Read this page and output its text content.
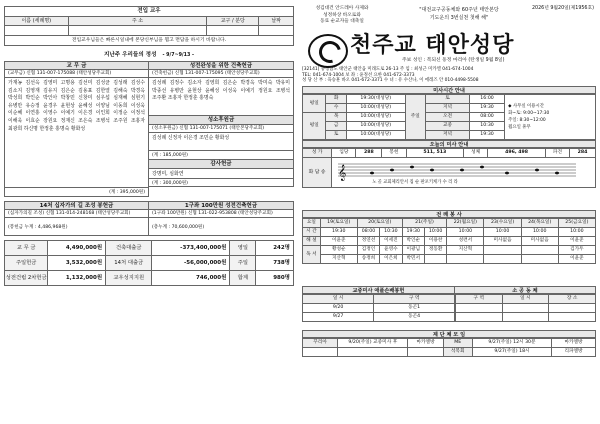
전입 교우			
이름 (세례명)	주 소	교구 / 분당	날짜

전입교우님들은 빠른시일내에 본당신부님을 뵙고 면담을 하시기 바랍니다.			
지난주 우리들의 정성 - 9/7~9/13 -
교 무 금
(교무금) 신협 131-007-175088 (태안성당주교회)
가재농 김선옥 김영미 고명용 김선미 김성균 김성래 김성수 김소지 김영재 김유지 김은순 김용표 김한열 김해숙 박경옥 박성희 박인순 박인아 박창민 신창미 심우섭 심재혜 심현기 유병만 유승정 윤경우 윤현상 윤혜성 이양님 이동희 이성욱 이순혜 이연홍 이영수 이예기 이은경 이인희 이정순 이정석 이해욱 이효순 장원요 정재신 조은숙 조병석 조주원 조홍자 최광희 하신명 한정훈 홍명숙 황화성
(계 : 395,000원)
성전완성을 위한 건축헌금
(건축헌금) 신협 131-007-175095 (태안성당주교회)
김성례 김정수 김소자 김영희 김은순 박경옥 박미숙 박유미 박종선 유병만 윤현상 윤혜성 이성욱 이예기 정원요 조병석 조주환 조홍자 한정훈 홍명숙
성소후원금
(성소후원금) 신협 131-007-175071 (태안본당주교회)
김성례 신정자 이은경 조민순 황화성
(계 : 185,000원)
감사헌금
강명미, 심화연
(계 : 300,000원)
14처 십자가의 길 조성 봉헌금
(십자가의길 조성) 신협 131-014-248168 (태안성당주교회)
(봉헌금 누계 : 4,486,968원)
1구좌 100만원 성전건축헌금
(1구좌 100만원) 신협 131-022-953808 (태안성당주교회)
(총누계 : 70,600,000원)
교 무 금	4,490,000원	건축대출금	-373,400,000원	영일	242명
주일헌금	3,532,000원	14처 대출금	-56,000,000원	주일	738명
성전건립 2차헌금	1,132,000원	교우성지지원	746,000원	합계	980명
성김대건 안드레아 사제와
성정하상 바오로와
동료 순교자들 대축일
"대전교구공동체와 60주년 태안본당
기도운의 3번실천 첫해 해"
2026년 9월20일(제1956호)
천주교 태안성당
주보 성인 : 복되신 동정 마리아 (탄생일 9월 8일)
[32141] 충청남도 태안군 태안읍 미래도로 26-13 주 임 : 최성근 미카엘 041-674-1004
TEL: 041-674-1004 보 좌 : 윤정선 요한 041-672-3373
성 당 산 부 : 육승훈 바오 041-672-3371 수 녀 : 유 수산나, 이 에레즈 안 010-4498-5508
미사시간 안내
평일	화	19:30(대성당)	주일	토	16:00	◆ 사무실 이용시간
화~토: 9:00~17:30
주일: 8:30~12:00
월요일 휴무
	수	10:00(대성당)		지녁	19:30	
평일	목	10:00(대성당)		오전	08:00	
	금	10:00(대성당)		교중	10:30	
	토	10:00(대성당)		저녁	19:30	
오늘의 미사 안내
성 가	입당	288	봉헌	511, 513	성체	496, 498	파견	284
화 답 송 𝄞
노 골 교회체리안서 집 순 판포키케가 수 리 라
전 례 봉 사
요일	19(토요일)	20(토요일)		21(주일)		22(월요일)	23(수요일)	24(목요일)	25(금요일)
시 간	19:30	08:00	10:30	19:30	10:00	10:00	10:00	10:00	10:00
해 설	이윤준	정연선	이세진	박인순	이용찬	성련서	미사없음	미사없음	이윤준
독 서	황성순	김정인	윤영수	이광님	정동환	지산혁			김가두
	지산혁	송정희	이은희	박민서					이윤준
교중미사 애플손배봉헌
일 시	구 역
9/20	동곤1
9/27	동곤4
소 공 동 체
구 역	일 시	장 소

제 단 체 모 임
꾸리아	9/20(주일) 교중미사 후	마카엘방	ME	9/27(주일) 12시 30분	마카엘방
			석복회	9/27(주일) 18시	리파엘방
